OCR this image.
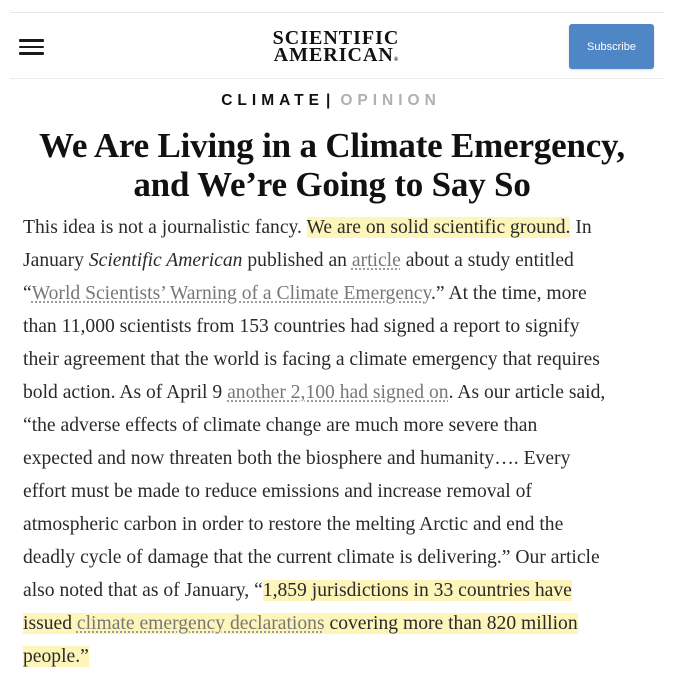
SCIENTIFIC
AMERICAN®
Subscribe
CLIMATE | OPINION
We Are Living in a Climate Emergency,
and We’re Going to Say So
This idea is not a journalistic fancy. We are on solid scientific ground. In
January Scientific American published an article about a study entitled
“World Scientists’ Warning of a Climate Emergency.” At the time, more
than 11,000 scientists from 153 countries had signed a report to signify
their agreement that the world is facing a climate emergency that requires
bold action. As of April 9 another 2,100 had signed on. As our article said,
“the adverse effects of climate change are much more severe than
expected and now threaten both the biosphere and humanity…. Every
effort must be made to reduce emissions and increase removal of
atmospheric carbon in order to restore the melting Arctic and end the
deadly cycle of damage that the current climate is delivering.” Our article
also noted that as of January, “1,859 jurisdictions in 33 countries have
issued climate emergency declarations covering more than 820 million
people.”
